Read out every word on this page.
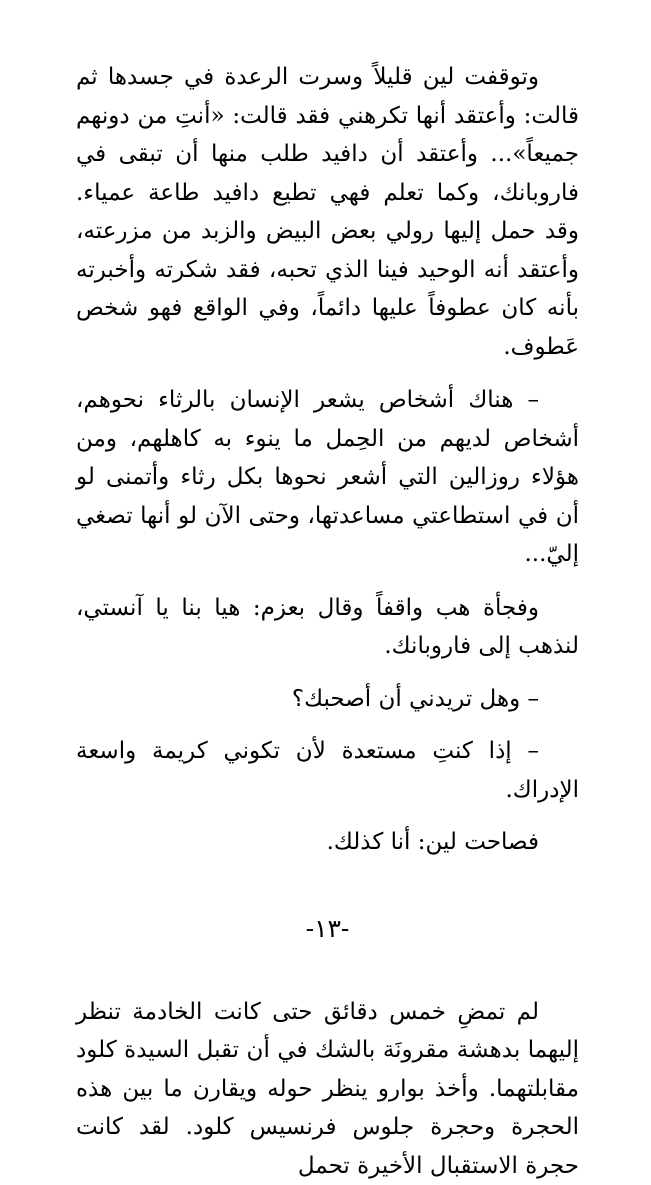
وتوقفت لين قليلاً وسرت الرعدة في جسدها ثم قالت: وأعتقد أنها تكرهني فقد قالت: «أنتِ من دونهم جميعاً»... وأعتقد أن دافيد طلب منها أن تبقى في فاروبانك، وكما تعلم فهي تطيع دافيد طاعة عمياء. وقد حمل إليها رولي بعض البيض والزبد من مزرعته، وأعتقد أنه الوحيد فينا الذي تحبه، فقد شكرته وأخبرته بأنه كان عطوفاً عليها دائماً، وفي الواقع فهو شخص عَطوف.

– هناك أشخاص يشعر الإنسان بالرثاء نحوهم، أشخاص لديهم من الحِمل ما ينوء به كاهلهم، ومن هؤلاء روزالين التي أشعر نحوها بكل رثاء وأتمنى لو أن في استطاعتي مساعدتها، وحتى الآن لو أنها تصغي إليّ...

وفجأة هب واقفاً وقال بعزم: هيا بنا يا آنستي، لنذهب إلى فاروبانك.

– وهل تريدني أن أصحبك؟

– إذا كنتِ مستعدة لأن تكوني كريمة واسعة الإدراك.

فصاحت لين: أنا كذلك.

-١٣-

لم تمضِ خمس دقائق حتى كانت الخادمة تنظر إليهما بدهشة مقرونَة بالشك في أن تقبل السيدة كلود مقابلتهما. وأخذ بوارو ينظر حوله ويقارن ما بين هذه الحجرة وحجرة جلوس فرنسيس كلود. لقد كانت حجرة الاستقبال الأخيرة تحمل
